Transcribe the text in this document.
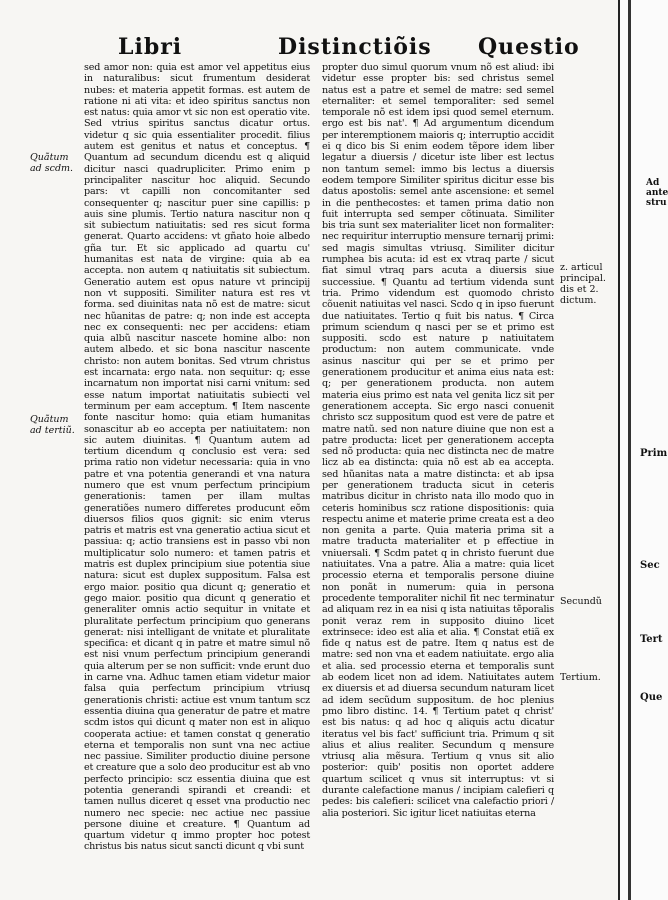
Libri	Distinctiõis Questio
Quãtum ad scdm.
Quãtum ad tertiũ.

sed amor non: quia est amor vel appetitus eius in naturalibus: sicut frumentum desiderat nubes: et materia appetit formas. est autem de ratione ni ati vita: et ideo spiritus sanctus non est natus: quia amor vt sic non est operatio vite. Sed vtrius spiritus sanctus dicatur ortus. videtur q sic quia essentialiter procedit. filius autem est genitus et natus et conceptus. ¶ Quantum ad secundum dicendu est q aliquid dicitur nasci quadrupliciter. Primo enim p principaliter nascitur hoc aliquid. Secundo pars: vt capilli non concomitanter sed consequenter q; nascitur puer sine capillis: p auis sine plumis. Tertio natura nascitur non q sit subiectum natiuitatis: sed res sicut forma generat. Quarto accidens: vt gñato hoie albedo gña tur. Et sic applicado ad quartu cu' humanitas est nata de virgine: quia ab ea accepta. non autem q natiuitatis sit subiectum. Generatio autem est opus nature vt principij non vt suppositi. Similiter natura est res vt forma. sed diuinitas nata nõ est de matre: sicut nec hũanitas de patre: q; non inde est accepta nec ex consequenti: nec per accidens: etiam quia albũ nascitur nascete homine albo: non autem albedo. et sic bona nascitur nascente christo: non autem bonitas. Sed vtrum christus est incarnata: ergo nata. non sequitur: q; esse incarnatum non importat nisi carni vnitum: sed esse natum importat natiuitatis subiecti vel terminum per eam acceptum. ¶ Item nascente fonte nascitur homo: quia etiam humanitas sonascitur ab eo accepta per natiuitatem: non sic autem diuinitas. ¶ Quantum autem ad tertium dicendum q conclusio est vera: sed prima ratio non videtur necessaria: quia in vno patre et vna potentia generandi et vna natura numero que est vnum perfectum principium generationis: tamen per illam multas generatiões numero differetes producunt eõm diuersos filios quos gignit: sic enim vterus patris et matris est vna generatio actiua sicut et passiua: q; actio transiens est in passo vbi non multiplicatur solo numero: et tamen patris et matris est duplex principium siue potentia siue natura: sicut est duplex suppositum. Falsa est ergo maior. positio qua dicunt q; generatio et gego maior. positio qua dicunt q generatio et generaliter omnis actio sequitur in vnitate et pluralitate perfectum principium quo generans generat: nisi intelligant de vnitate et pluralitate specifica: et dicant q in patre et matre simul nõ est nisi vnum perfectum principium generandi quia alterum per se non sufficit: vnde erunt duo in carne vna. Adhuc tamen etiam videtur maior falsa quia perfectum principium vtriusq generationis christi: actiue est vnum tantum scz essentia diuina qua generatur de patre et matre scdm istos qui dicunt q mater non est in aliquo cooperata actiue: et tamen constat q generatio eterna et temporalis non sunt vna nec actiue nec passiue. Similiter productio diuine persone et creature que a solo deo producitur est ab vno perfecto principio: scz essentia diuina que est potentia generandi spirandi et creandi: et tamen nullus diceret q esset vna productio nec numero nec specie: nec actiue nec passiue persone diuine et creature. ¶ Quantum ad quartum videtur q immo propter hoc potest christus bis natus sicut sancti dicunt q vbi sunt

propter duo simul quorum vnum nõ est aliud: ibi videtur esse propter bis: sed christus semel natus est a patre et semel de matre: sed semel eternaliter: et semel temporaliter: sed semel temporale nõ est idem ipsi quod semel eternum. ergo est bis nat'. ¶ Ad argumentum dicendum per interemptionem maioris q; interruptio accidit ei q dico bis Si enim eodem tẽpore idem liber legatur a diuersis / dicetur iste liber est lectus non tantum semel: immo bis lectus a diuersis eodem tempore Similiter spiritus dicitur esse bis datus apostolis: semel ante ascensione: et semel in die penthecostes: et tamen prima datio non fuit interrupta sed semper cõtinuata. Similiter bis tria sunt sex materialiter licet non formaliter: nec requiritur interruptio mensure ternarij primi: sed magis simultas vtriusq. Similiter dicitur rumphea bis acuta: id est ex vtraq parte / sicut fiat simul vtraq pars acuta a diuersis siue successiue. ¶ Quantu ad tertium videnda sunt tria. Primo videndum est quomodo christo cõuenit natiuitas vel nasci. Scdo q in ipso fuerunt due natiuitates. Tertio q fuit bis natus. ¶ Circa primum sciendum q nasci per se et primo est suppositi. scdo est nature p natiuitatem productum: non autem communicate. vnde asinus nascitur qui per se et primo per generationem producitur et anima eius nata est: q; per generationem producta. non autem materia eius primo est nata vel genita licz sit per generationem accepta. Sic ergo nasci conuenit christo scz suppositum quod est vere de patre et matre natũ. sed non nature diuine que non est a patre producta: licet per generationem accepta sed nõ producta: quia nec distincta nec de matre licz ab ea distincta: quia nõ est ab ea accepta. sed hũanitas nata a matre distincta: et ab ipsa per generationem traducta sicut in ceteris matribus dicitur in christo nata illo modo quo in ceteris hominibus scz ratione dispositionis: quia respectu anime et materie prime creata est a deo non genita a parte. Quia materia prima sit a matre traducta materialiter et p effectiue in vniuersali. ¶ Scdm patet q in christo fuerunt due natiuitates. Vna a patre. Alia a matre: quia licet processio eterna et temporalis persone diuine non ponãt in numerum: quia in persona procedente temporaliter nichil fit nec terminatur ad aliquam rez in ea nisi q ista natiuitas tẽporalis ponit veraz rem in supposito diuino licet extrinsece: ideo est alia et alia. ¶ Constat etiã ex fide q natus est de patre. Item q natus est de matre: sed non vna et eadem natiuitate. ergo alia et alia. sed processio eterna et temporalis sunt ab eodem licet non ad idem. Natiuitates autem ex diuersis et ad diuersa secundum naturam licet ad idem secũdum suppositum. de hoc plenius pmo libro distinc. 14. ¶ Tertium patet q christ' est bis natus: q ad hoc q aliquis actu dicatur iteratus vel bis fact' sufficiunt tria. Primum q sit alius et alius realiter. Secundum q mensure vtriusq alia mẽsura. Tertium q vnus sit alio posterior: quib' positis non oportet addere quartum scilicet q vnus sit interruptus: vt si durante calefactione manus / incipiam calefieri q pedes: bis calefieri: scilicet vna calefactio priori / alia posteriori. Sic igitur licet natiuitas eterna

z. articul principal. dis et 2. dictum.
Secundũ
Tertium.
Ad ante stru
Prim
Sec
Tert
Que
